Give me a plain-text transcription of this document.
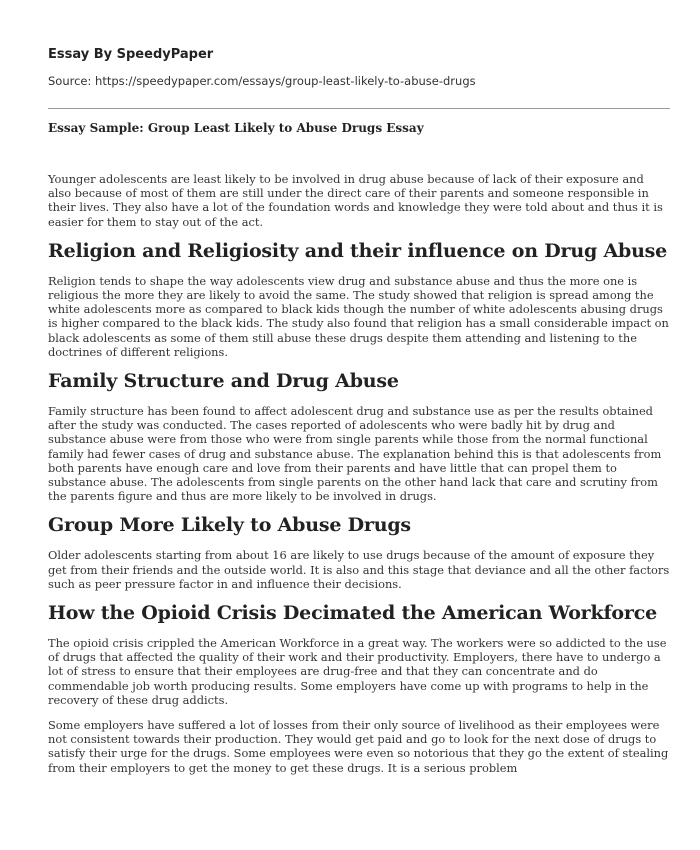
Essay By SpeedyPaper

Source: https://speedypaper.com/essays/group-least-likely-to-abuse-drugs

Essay Sample: Group Least Likely to Abuse Drugs Essay

Younger adolescents are least likely to be involved in drug abuse because of lack of their exposure and also because of most of them are still under the direct care of their parents and someone responsible in their lives. They also have a lot of the foundation words and knowledge they were told about and thus it is easier for them to stay out of the act.

Religion and Religiosity and their influence on Drug Abuse

Religion tends to shape the way adolescents view drug and substance abuse and thus the more one is religious the more they are likely to avoid the same. The study showed that religion is spread among the white adolescents more as compared to black kids though the number of white adolescents abusing drugs is higher compared to the black kids. The study also found that religion has a small considerable impact on black adolescents as some of them still abuse these drugs despite them attending and listening to the doctrines of different religions.

Family Structure and Drug Abuse

Family structure has been found to affect adolescent drug and substance use as per the results obtained after the study was conducted. The cases reported of adolescents who were badly hit by drug and substance abuse were from those who were from single parents while those from the normal functional family had fewer cases of drug and substance abuse. The explanation behind this is that adolescents from both parents have enough care and love from their parents and have little that can propel them to substance abuse. The adolescents from single parents on the other hand lack that care and scrutiny from the parents figure and thus are more likely to be involved in drugs.

Group More Likely to Abuse Drugs

Older adolescents starting from about 16 are likely to use drugs because of the amount of exposure they get from their friends and the outside world. It is also and this stage that deviance and all the other factors such as peer pressure factor in and influence their decisions.

How the Opioid Crisis Decimated the American Workforce

The opioid crisis crippled the American Workforce in a great way. The workers were so addicted to the use of drugs that affected the quality of their work and their productivity. Employers, there have to undergo a lot of stress to ensure that their employees are drug-free and that they can concentrate and do commendable job worth producing results. Some employers have come up with programs to help in the recovery of these drug addicts.

Some employers have suffered a lot of losses from their only source of livelihood as their employees were not consistent towards their production. They would get paid and go to look for the next dose of drugs to satisfy their urge for the drugs. Some employees were even so notorious that they go the extent of stealing from their employers to get the money to get these drugs. It is a serious problem
